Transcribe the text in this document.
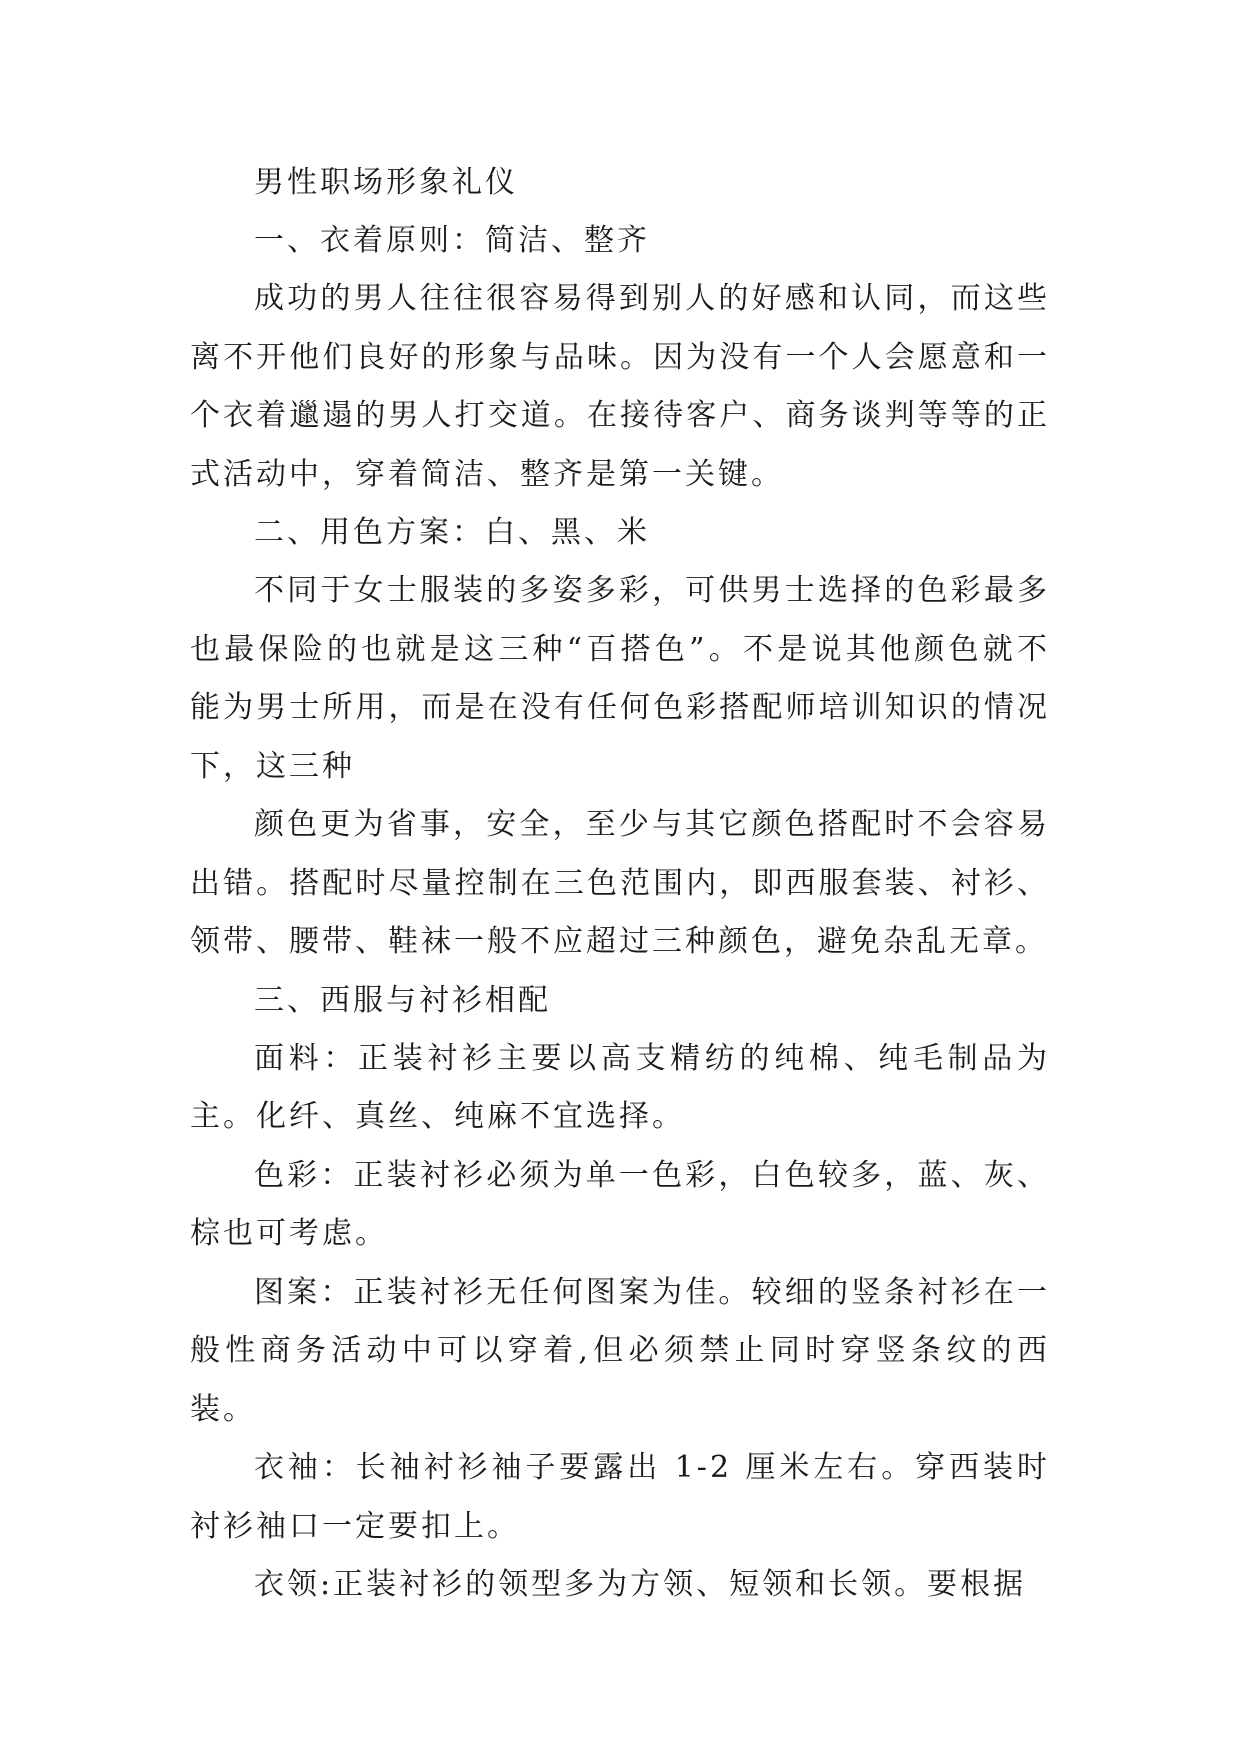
男性职场形象礼仪

一、衣着原则：简洁、整齐

成功的男人往往很容易得到别人的好感和认同，而这些离不开他们良好的形象与品味。因为没有一个人会愿意和一个衣着邋遢的男人打交道。在接待客户、商务谈判等等的正式活动中，穿着简洁、整齐是第一关键。

二、用色方案：白、黑、米

不同于女士服装的多姿多彩，可供男士选择的色彩最多也最保险的也就是这三种“百搭色”。不是说其他颜色就不能为男士所用，而是在没有任何色彩搭配师培训知识的情况下，这三种

颜色更为省事，安全，至少与其它颜色搭配时不会容易出错。搭配时尽量控制在三色范围内，即西服套装、衬衫、领带、腰带、鞋袜一般不应超过三种颜色，避免杂乱无章。

三、西服与衬衫相配

面料：正装衬衫主要以高支精纺的纯棉、纯毛制品为主。化纤、真丝、纯麻不宜选择。

色彩：正装衬衫必须为单一色彩，白色较多，蓝、灰、棕也可考虑。

图案：正装衬衫无任何图案为佳。较细的竖条衬衫在一般性商务活动中可以穿着,但必须禁止同时穿竖条纹的西装。

衣袖：长袖衬衫袖子要露出 1-2 厘米左右。穿西装时衬衫袖口一定要扣上。

衣领:正装衬衫的领型多为方领、短领和长领。要根据
